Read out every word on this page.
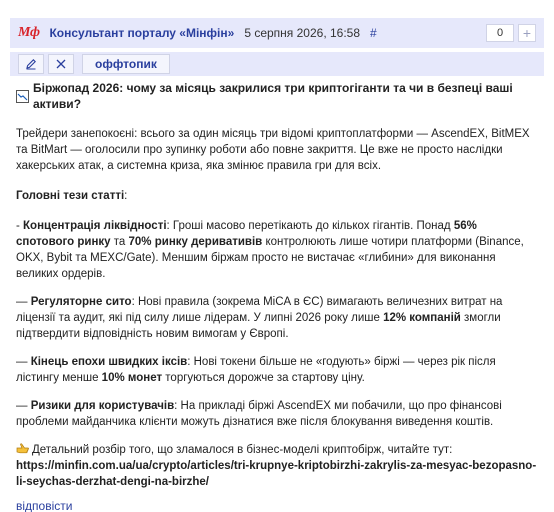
Мф Консультант порталу «Мінфін» 5 серпня 2026, 16:58 #	0	+
оффтопик
Біржопад 2026: чому за місяць закрилися три криптогіганти та чи в безпеці ваші активи?

Трейдери занепокоєні: всього за один місяць три відомі криптоплатформи — AscendEX, BitMEX та BitMart — оголосили про зупинку роботи або повне закриття. Це вже не просто наслідки хакерських атак, а системна криза, яка змінює правила гри для всіх.

Головні тези статті:

- Концентрація ліквідності: Гроші масово перетікають до кількох гігантів. Понад 56% спотового ринку та 70% ринку деривативів контролюють лише чотири платформи (Binance, OKX, Bybit та MEXC/Gate). Меншим біржам просто не вистачає «глибини» для виконання великих ордерів.

— Регуляторне сито: Нові правила (зокрема MiCA в ЄС) вимагають величезних витрат на ліцензії та аудит, які під силу лише лідерам. У липні 2026 року лише 12% компаній змогли підтвердити відповідність новим вимогам у Європі.

— Кінець епохи швидких іксів: Нові токени більше не «годують» біржі — через рік після лістингу менше 10% монет торгуються дорожче за стартову ціну.

— Ризики для користувачів: На прикладі біржі AscendEX ми побачили, що про фінансові проблеми майданчика клієнти можуть дізнатися вже після блокування виведення коштів.

Детальний розбір того, що зламалося в бізнес-моделі криптобірж, читайте тут:

https://minfin.com.ua/ua/crypto/articles/tri-krupnye-kriptobirzhi-zakrylis-za-mesyac-bezopasno-li-seychas-derzhat-dengi-na-birzhe/

відповісти
